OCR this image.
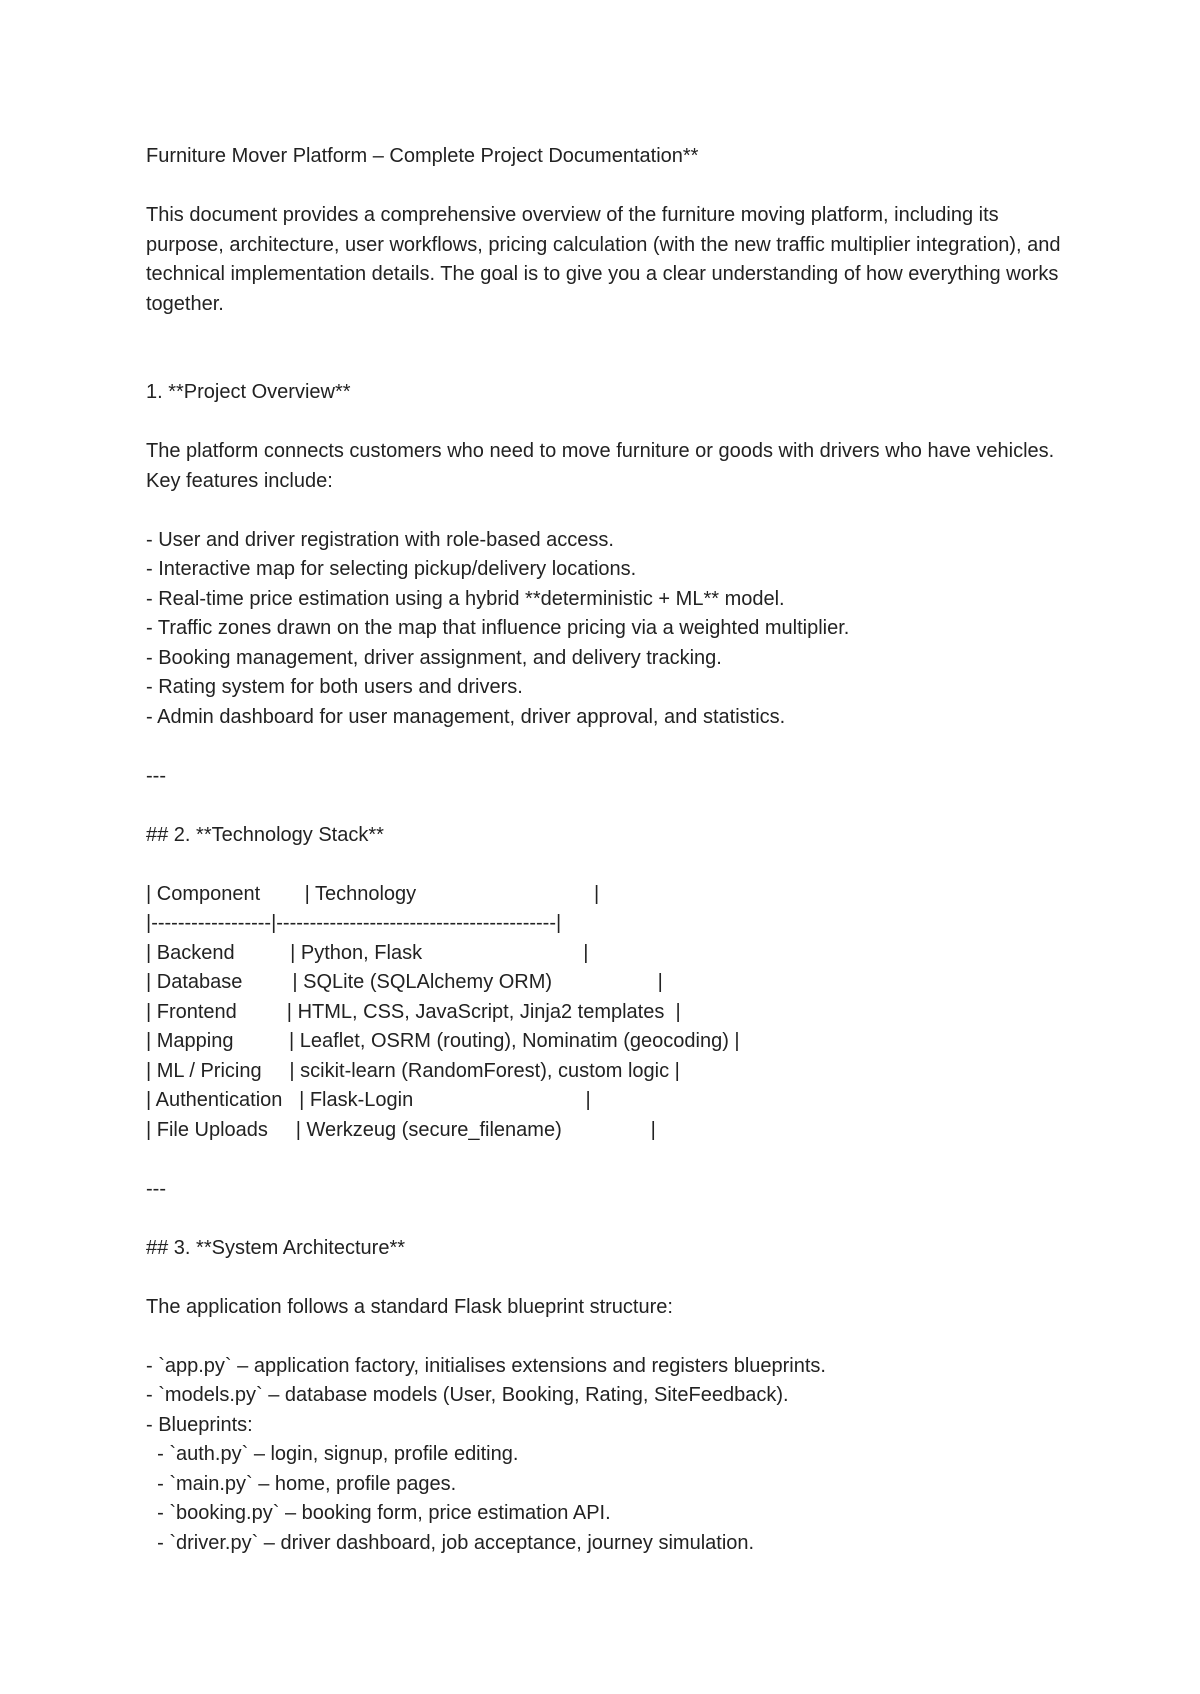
Furniture Mover Platform – Complete Project Documentation**

This document provides a comprehensive overview of the furniture moving platform, including its purpose, architecture, user workflows, pricing calculation (with the new traffic multiplier integration), and technical implementation details. The goal is to give you a clear understanding of how everything works together.

1. **Project Overview**

The platform connects customers who need to move furniture or goods with drivers who have vehicles. Key features include:

- User and driver registration with role-based access.

- Interactive map for selecting pickup/delivery locations.

- Real-time price estimation using a hybrid **deterministic + ML** model.

- Traffic zones drawn on the map that influence pricing via a weighted multiplier.

- Booking management, driver assignment, and delivery tracking.

- Rating system for both users and drivers.

- Admin dashboard for user management, driver approval, and statistics.

---

## 2. **Technology Stack**

| Component        | Technology                                |

|------------------|------------------------------------------|

| Backend          | Python, Flask                             |

| Database         | SQLite (SQLAlchemy ORM)                   |

| Frontend         | HTML, CSS, JavaScript, Jinja2 templates  |

| Mapping          | Leaflet, OSRM (routing), Nominatim (geocoding) |

| ML / Pricing     | scikit-learn (RandomForest), custom logic |

| Authentication   | Flask-Login                               |

| File Uploads     | Werkzeug (secure_filename)                |

---

## 3. **System Architecture**

The application follows a standard Flask blueprint structure:

- `app.py` – application factory, initialises extensions and registers blueprints.

- `models.py` – database models (User, Booking, Rating, SiteFeedback).

- Blueprints:

- `auth.py` – login, signup, profile editing.

- `main.py` – home, profile pages.

- `booking.py` – booking form, price estimation API.

- `driver.py` – driver dashboard, job acceptance, journey simulation.
